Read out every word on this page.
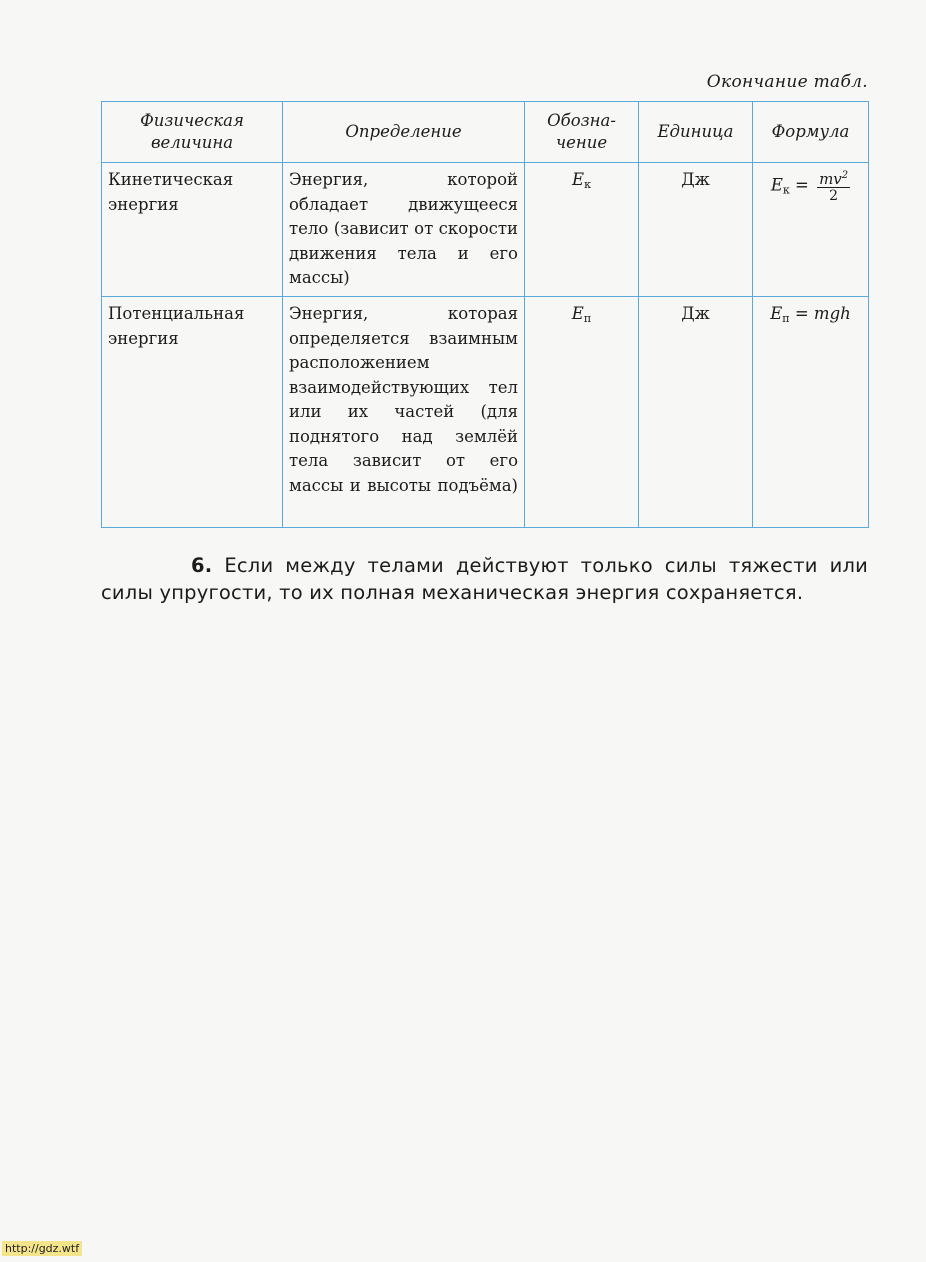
Окончание табл.
Физическая величина	Определение	Обозна-чение	Единица	Формула
Кинетическая энергия	Энергия, которой обладает движущееся тело (зависит от скорости движения тела и его массы)	$E_к$	Дж	$E_к = \frac{mv^2}{2}$

Потенциальная энергия	Энергия, которая определяется взаимным расположением взаимодействующих тел или их частей (для поднятого над землёй тела зависит от его массы и высоты подъёма)	$E_п$	Дж	$E_п$ = mgh
6. Если между телами действуют только силы тяжести или силы упругости, то их полная механическая энергия сохраняется.
http://gdz.wtf
